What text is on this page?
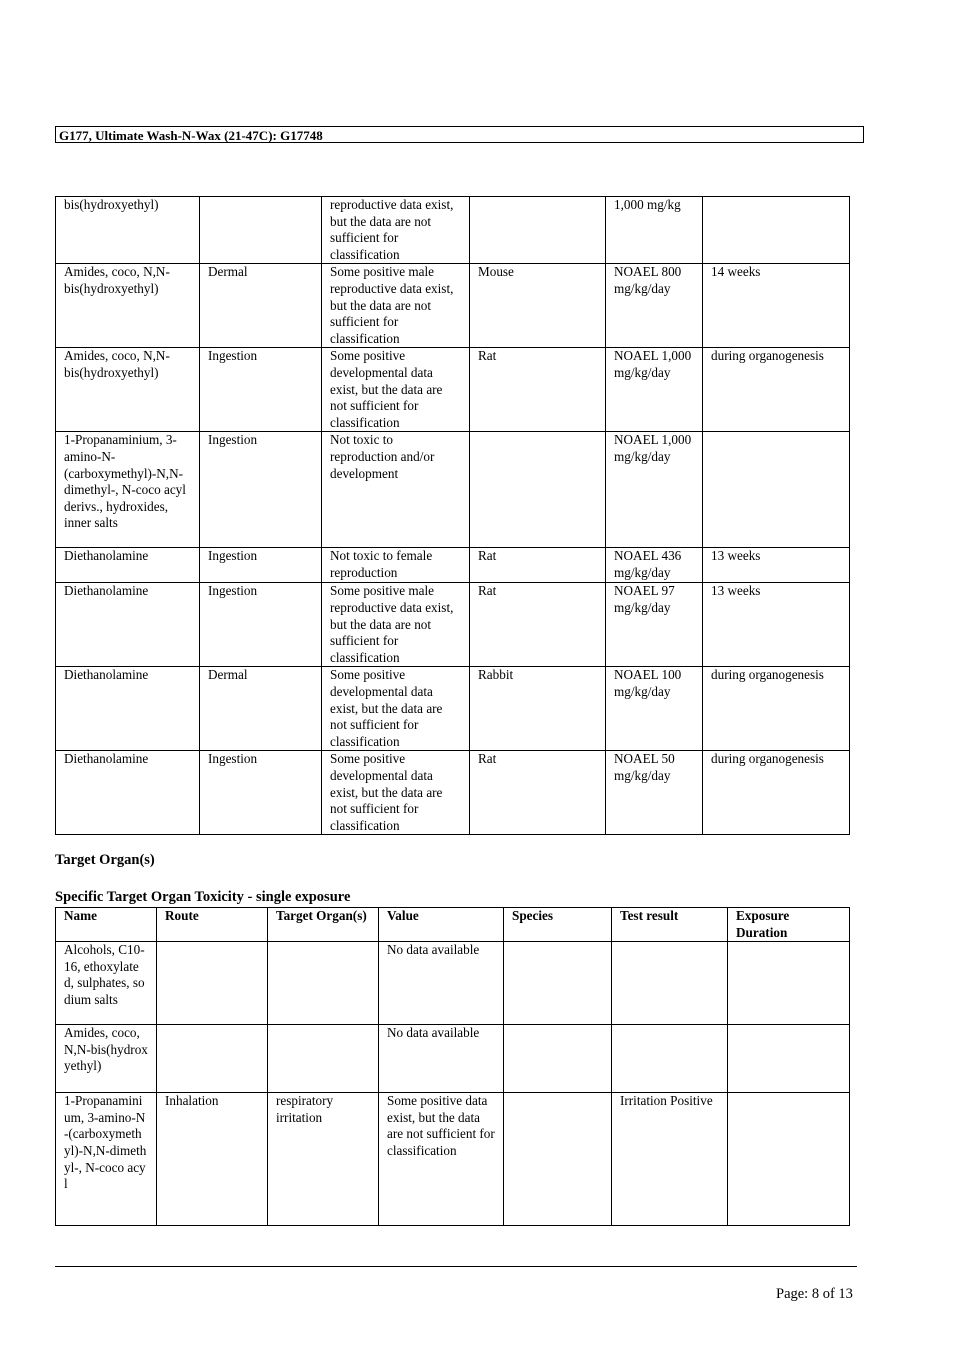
G177, Ultimate Wash-N-Wax (21-47C): G17748
bis(hydroxyethyl)		reproductive data exist, but the data are not sufficient for classification		1,000 mg/kg	
Amides, coco, N,N-bis(hydroxyethyl)	Dermal	Some positive male reproductive data exist, but the data are not sufficient for classification	Mouse	NOAEL 800 mg/kg/day	14 weeks
Amides, coco, N,N-bis(hydroxyethyl)	Ingestion	Some positive developmental data exist, but the data are not sufficient for classification	Rat	NOAEL 1,000 mg/kg/day	during organogenesis
1-Propanaminium, 3-amino-N-(carboxymethyl)-N,N-dimethyl-, N-coco acyl derivs., hydroxides, inner salts	Ingestion	Not toxic to reproduction and/or development		NOAEL 1,000 mg/kg/day	
Diethanolamine	Ingestion	Not toxic to female reproduction	Rat	NOAEL 436 mg/kg/day	13 weeks
Diethanolamine	Ingestion	Some positive male reproductive data exist, but the data are not sufficient for classification	Rat	NOAEL 97 mg/kg/day	13 weeks
Diethanolamine	Dermal	Some positive developmental data exist, but the data are not sufficient for classification	Rabbit	NOAEL 100 mg/kg/day	during organogenesis
Diethanolamine	Ingestion	Some positive developmental data exist, but the data are not sufficient for classification	Rat	NOAEL 50 mg/kg/day	during organogenesis
Target Organ(s)
Specific Target Organ Toxicity - single exposure
Name	Route	Target Organ(s)	Value	Species	Test result	Exposure Duration
Alcohols, C10-16, ethoxylated, sulphates, sodium salts			No data available			
Amides, coco, N,N-bis(hydroxyethyl)			No data available			
1-Propanaminium, 3-amino-N-(carboxymethyl)-N,N-dimethyl-, N-coco acyl	Inhalation	respiratory irritation	Some positive data exist, but the data are not sufficient for classification		Irritation Positive	
Page: 8 of 13
